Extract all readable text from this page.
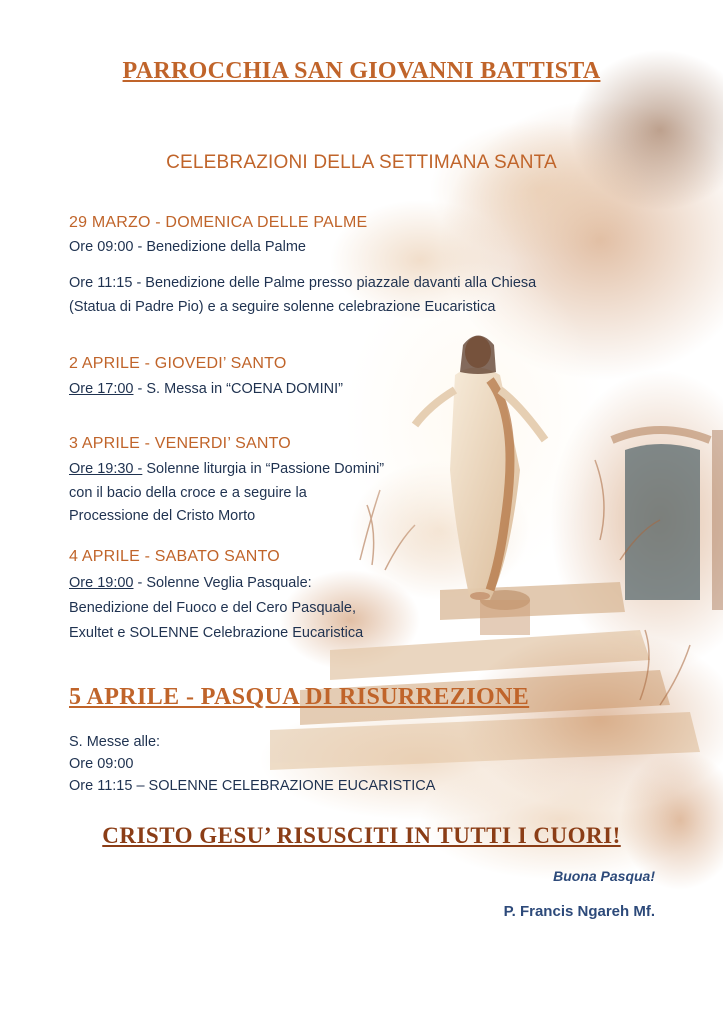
PARROCCHIA SAN GIOVANNI BATTISTA
CELEBRAZIONI DELLA SETTIMANA SANTA
29 MARZO - DOMENICA DELLE PALME
Ore 09:00 - Benedizione della Palme
Ore 11:15 - Benedizione delle Palme presso piazzale davanti alla Chiesa
(Statua di Padre Pio) e a seguire solenne celebrazione Eucaristica
2 APRILE - GIOVEDI’ SANTO
Ore 17:00 - S. Messa in “COENA DOMINI”
3 APRILE - VENERDI’ SANTO
Ore 19:30 - Solenne liturgia in “Passione Domini”
con il bacio della croce e a seguire la
Processione del Cristo Morto
4 APRILE - SABATO SANTO
Ore 19:00 - Solenne Veglia Pasquale:
Benedizione del Fuoco e del Cero Pasquale,
Exultet e SOLENNE Celebrazione Eucaristica
5 APRILE - PASQUA DI RISURREZIONE
S. Messe alle:
Ore 09:00
Ore 11:15 – SOLENNE CELEBRAZIONE EUCARISTICA
CRISTO GESU’ RISUSCITI IN TUTTI I CUORI!
Buona Pasqua!
P. Francis Ngareh Mf.
